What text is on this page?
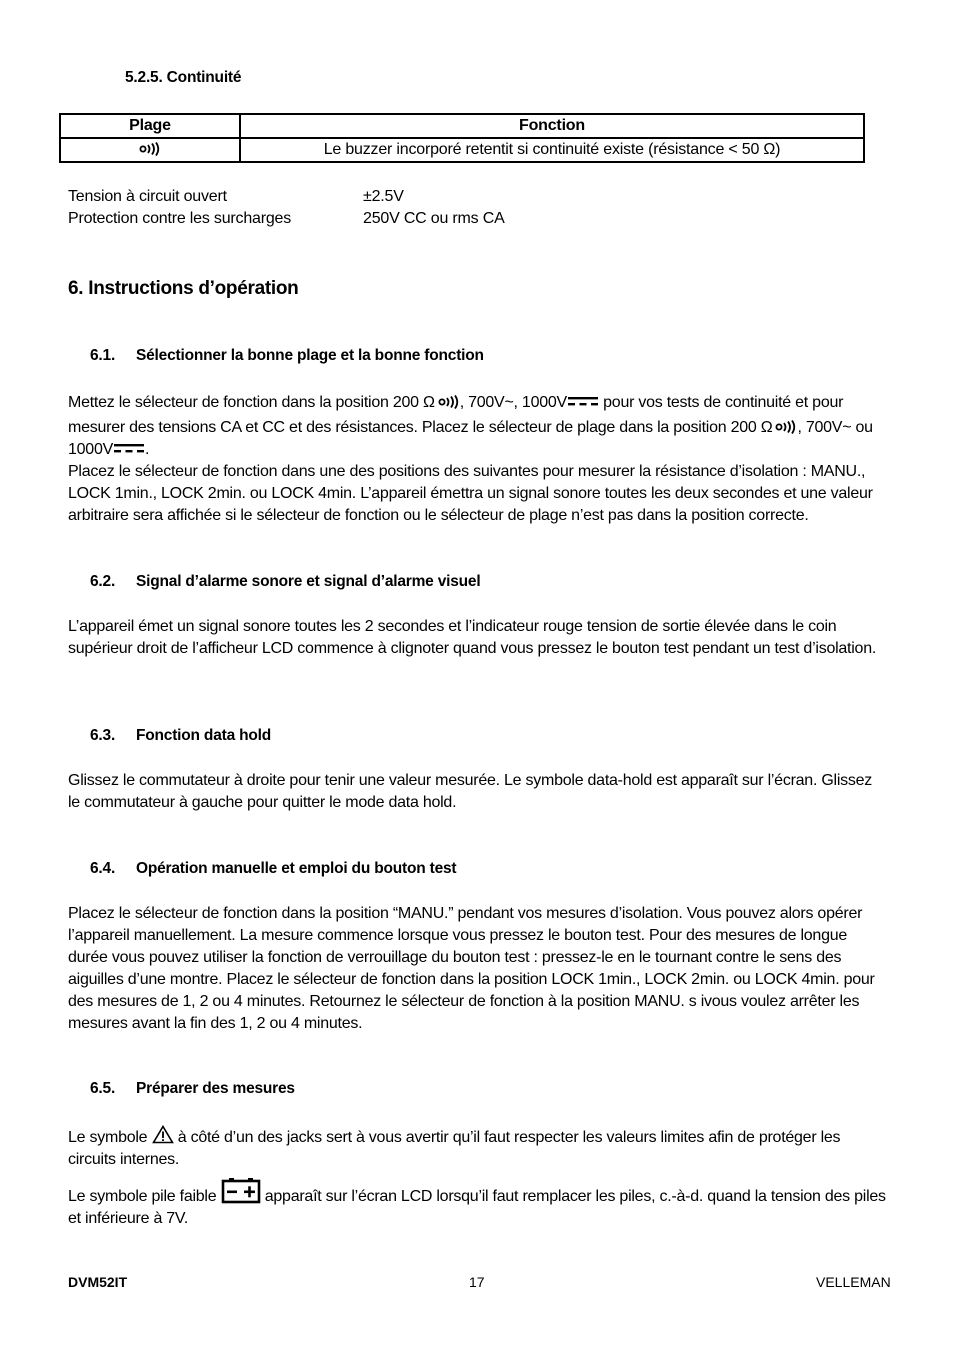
5.2.5. Continuité
Plage	Fonction
	Le buzzer incorporé retentit si continuité existe (résistance < 50 Ω)
Tension à circuit ouvert	±2.5V
Protection contre les surcharges	250V CC ou rms CA
6. Instructions d’opération
6.1. Sélectionner la bonne plage et la bonne fonction
Mettez le sélecteur de fonction dans la position 200 Ω , 700V~, 1000V pour vos tests de continuité et pour
mesurer des tensions CA et CC et des résistances. Placez le sélecteur de plage dans la position 200 Ω , 700V~ ou
1000V .
Placez le sélecteur de fonction dans une des positions des suivantes pour mesurer la résistance d’isolation : MANU., LOCK 1min., LOCK 2min. ou LOCK 4min. L’appareil émettra un signal sonore toutes les deux secondes et une valeur arbitraire sera affichée si le sélecteur de fonction ou le sélecteur de plage n’est pas dans la position correcte.
6.2. Signal d’alarme sonore et signal d’alarme visuel
L’appareil émet un signal sonore toutes les 2 secondes et l’indicateur rouge tension de sortie élevée dans le coin supérieur droit de l’afficheur LCD commence à clignoter quand vous pressez le bouton test pendant un test d’isolation.
6.3. Fonction data hold
Glissez le commutateur à droite pour tenir une valeur mesurée. Le symbole data-hold est apparaît sur l’écran. Glissez le commutateur à gauche pour quitter le mode data hold.
6.4. Opération manuelle et emploi du bouton test
Placez le sélecteur de fonction dans la position “MANU.” pendant vos mesures d’isolation. Vous pouvez alors opérer l’appareil manuellement. La mesure commence lorsque vous pressez le bouton test. Pour des mesures de longue durée vous pouvez utiliser la fonction de verrouillage du bouton test : pressez-le en le tournant contre le sens des aiguilles d’une montre. Placez le sélecteur de fonction dans la position LOCK 1min., LOCK 2min. ou LOCK 4min. pour des mesures de 1, 2 ou 4 minutes. Retournez le sélecteur de fonction à la position MANU. s ivous voulez arrêter les mesures avant la fin des 1, 2 ou 4 minutes.
6.5. Préparer des mesures
Le symbole  à côté d’un des jacks sert à vous avertir qu’il faut respecter les valeurs limites afin de protéger les circuits internes.
Le symbole pile faible	apparaît sur l’écran LCD lorsqu’il faut remplacer les piles, c.-à-d. quand la tension des piles et inférieure à 7V.
DVM52IT	17	VELLEMAN
